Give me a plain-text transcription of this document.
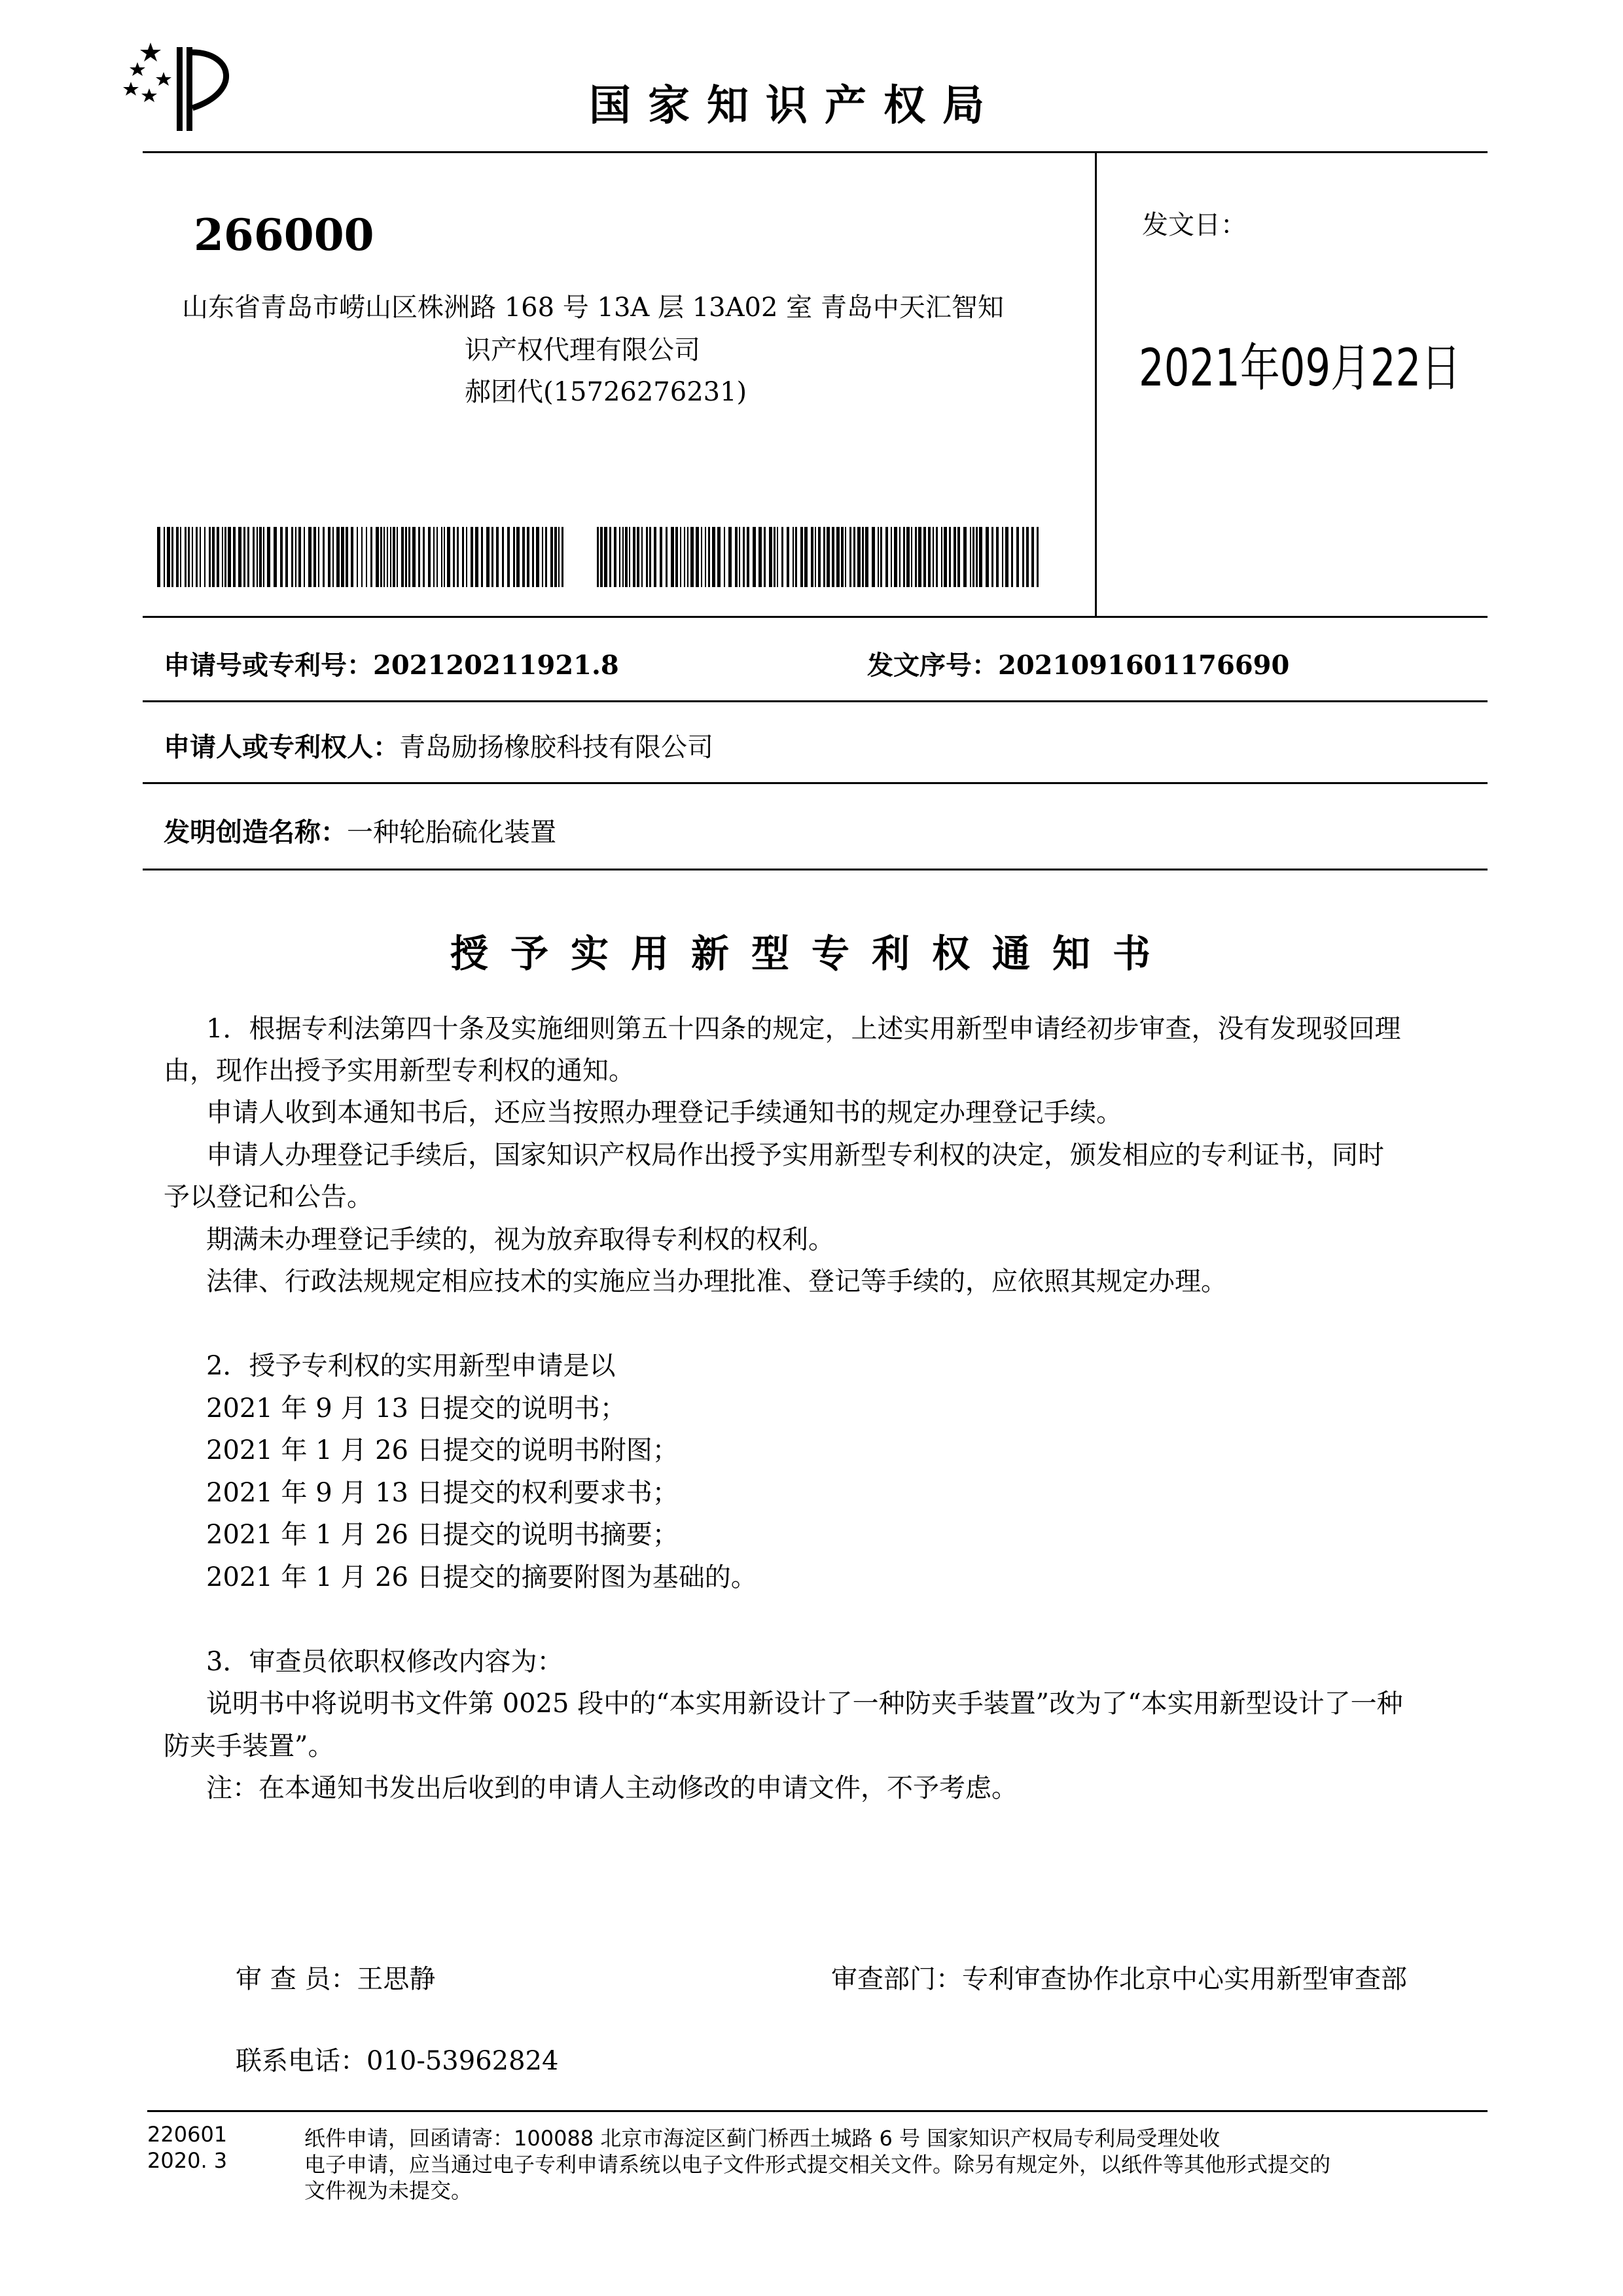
国家知识产权局
266000
山东省青岛市崂山区株洲路 168 号 13A 层 13A02 室 青岛中天汇智知
识产权代理有限公司
郝团代(15726276231)
发文日：
2021年09月22日
申请号或专利号：202120211921.8	发文序号：2021091601176690
申请人或专利权人：青岛励扬橡胶科技有限公司
发明创造名称：一种轮胎硫化装置
授予实用新型专利权通知书
1．根据专利法第四十条及实施细则第五十四条的规定，上述实用新型申请经初步审查，没有发现驳回理
由，现作出授予实用新型专利权的通知。
申请人收到本通知书后，还应当按照办理登记手续通知书的规定办理登记手续。
申请人办理登记手续后，国家知识产权局作出授予实用新型专利权的决定，颁发相应的专利证书，同时
予以登记和公告。
期满未办理登记手续的，视为放弃取得专利权的权利。
法律、行政法规规定相应技术的实施应当办理批准、登记等手续的，应依照其规定办理。
2．授予专利权的实用新型申请是以
2021 年 9 月 13 日提交的说明书；
2021 年 1 月 26 日提交的说明书附图；
2021 年 9 月 13 日提交的权利要求书；
2021 年 1 月 26 日提交的说明书摘要；
2021 年 1 月 26 日提交的摘要附图为基础的。
3．审查员依职权修改内容为：
说明书中将说明书文件第 0025 段中的“本实用新设计了一种防夹手装置”改为了“本实用新型设计了一种
防夹手装置”。
注：在本通知书发出后收到的申请人主动修改的申请文件，不予考虑。
审 查 员：王思静	审查部门：专利审查协作北京中心实用新型审查部
联系电话：010-53962824
220601
2020. 3
纸件申请，回函请寄：100088 北京市海淀区蓟门桥西土城路 6 号 国家知识产权局专利局受理处收
电子申请，应当通过电子专利申请系统以电子文件形式提交相关文件。除另有规定外，以纸件等其他形式提交的
文件视为未提交。
